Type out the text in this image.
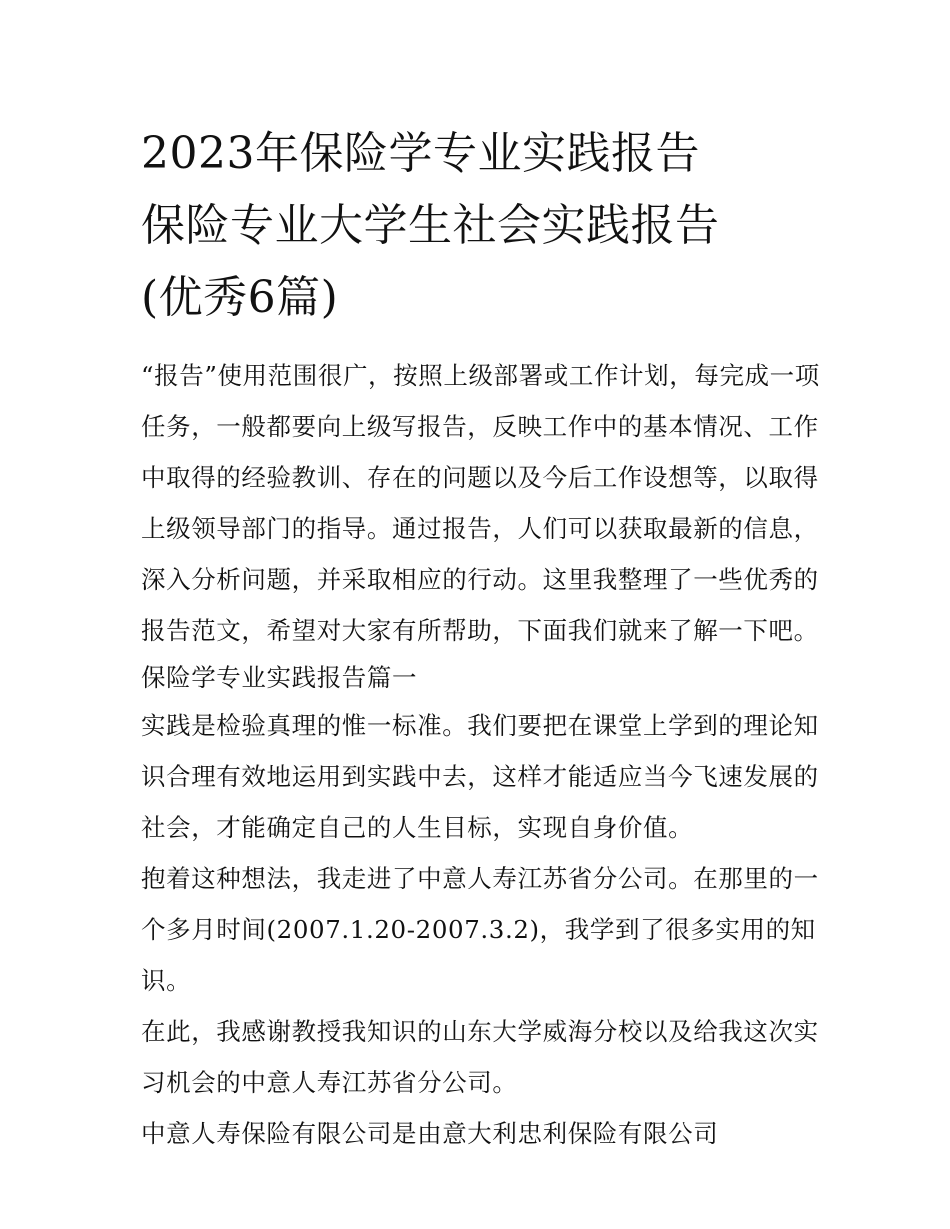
2023年保险学专业实践报告
保险专业大学生社会实践报告
(优秀6篇)

“报告”使用范围很广，按照上级部署或工作计划，每完成一项任务，一般都要向上级写报告，反映工作中的基本情况、工作中取得的经验教训、存在的问题以及今后工作设想等，以取得上级领导部门的指导。通过报告，人们可以获取最新的信息，深入分析问题，并采取相应的行动。这里我整理了一些优秀的报告范文，希望对大家有所帮助，下面我们就来了解一下吧。

保险学专业实践报告篇一

实践是检验真理的惟一标准。我们要把在课堂上学到的理论知识合理有效地运用到实践中去，这样才能适应当今飞速发展的社会，才能确定自己的人生目标，实现自身价值。

抱着这种想法，我走进了中意人寿江苏省分公司。在那里的一个多月时间(2007.1.20-2007.3.2)，我学到了很多实用的知识。

在此，我感谢教授我知识的山东大学威海分校以及给我这次实习机会的中意人寿江苏省分公司。

中意人寿保险有限公司是由意大利忠利保险有限公司
